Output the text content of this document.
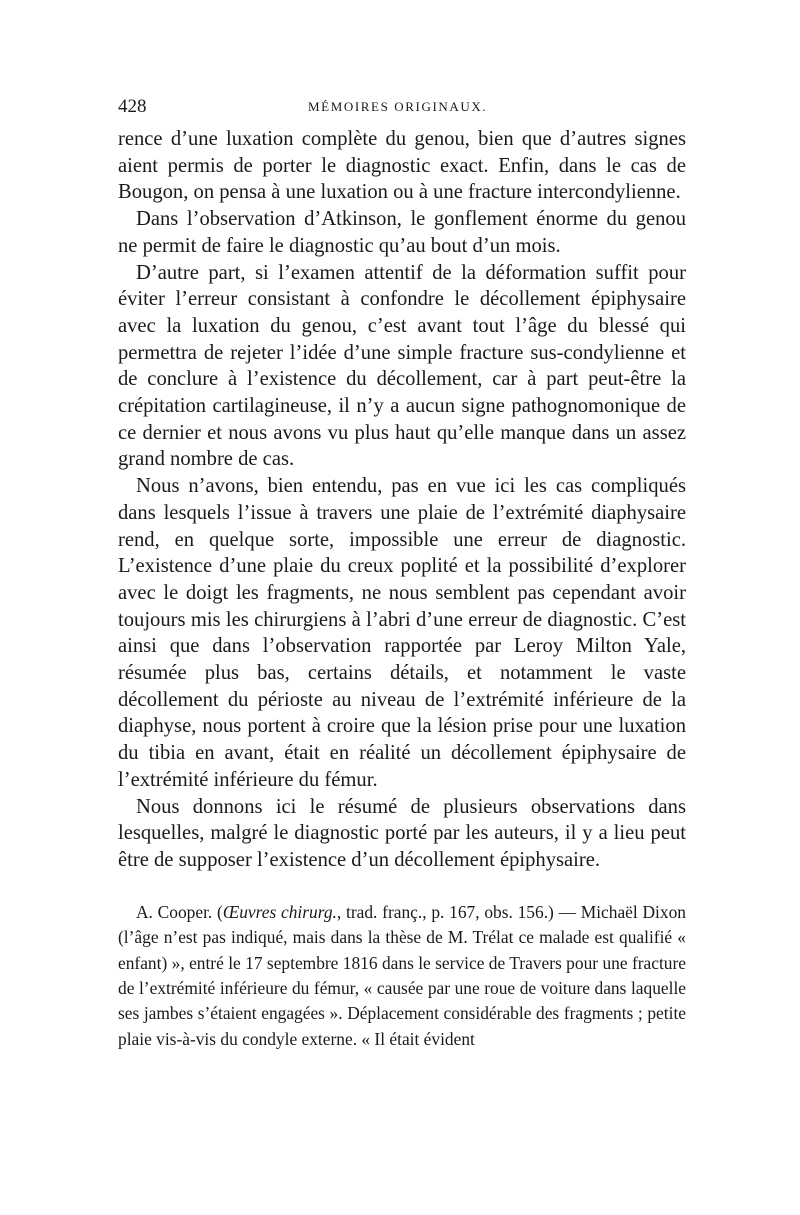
428	MÉMOIRES ORIGINAUX.

rence d’une luxation complète du genou, bien que d’autres signes aient permis de porter le diagnostic exact. Enfin, dans le cas de Bougon, on pensa à une luxation ou à une fracture intercondylienne.

Dans l’observation d’Atkinson, le gonflement énorme du genou ne permit de faire le diagnostic qu’au bout d’un mois.

D’autre part, si l’examen attentif de la déformation suffit pour éviter l’erreur consistant à confondre le décollement épiphysaire avec la luxation du genou, c’est avant tout l’âge du blessé qui permettra de rejeter l’idée d’une simple fracture sus-condylienne et de conclure à l’existence du décollement, car à part peut-être la crépitation cartilagineuse, il n’y a aucun signe pathognomonique de ce dernier et nous avons vu plus haut qu’elle manque dans un assez grand nombre de cas.

Nous n’avons, bien entendu, pas en vue ici les cas compliqués dans lesquels l’issue à travers une plaie de l’extrémité diaphysaire rend, en quelque sorte, impossible une erreur de diagnostic. L’existence d’une plaie du creux poplité et la possibilité d’explorer avec le doigt les fragments, ne nous semblent pas cependant avoir toujours mis les chirurgiens à l’abri d’une erreur de diagnostic. C’est ainsi que dans l’observation rapportée par Leroy Milton Yale, résumée plus bas, certains détails, et notamment le vaste décollement du périoste au niveau de l’extrémité inférieure de la diaphyse, nous portent à croire que la lésion prise pour une luxation du tibia en avant, était en réalité un décollement épiphysaire de l’extrémité inférieure du fémur.

Nous donnons ici le résumé de plusieurs observations dans lesquelles, malgré le diagnostic porté par les auteurs, il y a lieu peut être de supposer l’existence d’un décollement épiphysaire.

A. Cooper. (Œuvres chirurg., trad. franç., p. 167, obs. 156.) — Michaël Dixon (l’âge n’est pas indiqué, mais dans la thèse de M. Trélat ce malade est qualifié « enfant) », entré le 17 septembre 1816 dans le service de Travers pour une fracture de l’extrémité inférieure du fémur, « causée par une roue de voiture dans laquelle ses jambes s’étaient engagées ». Déplacement considérable des fragments ; petite plaie vis-à-vis du condyle externe. « Il était évident
